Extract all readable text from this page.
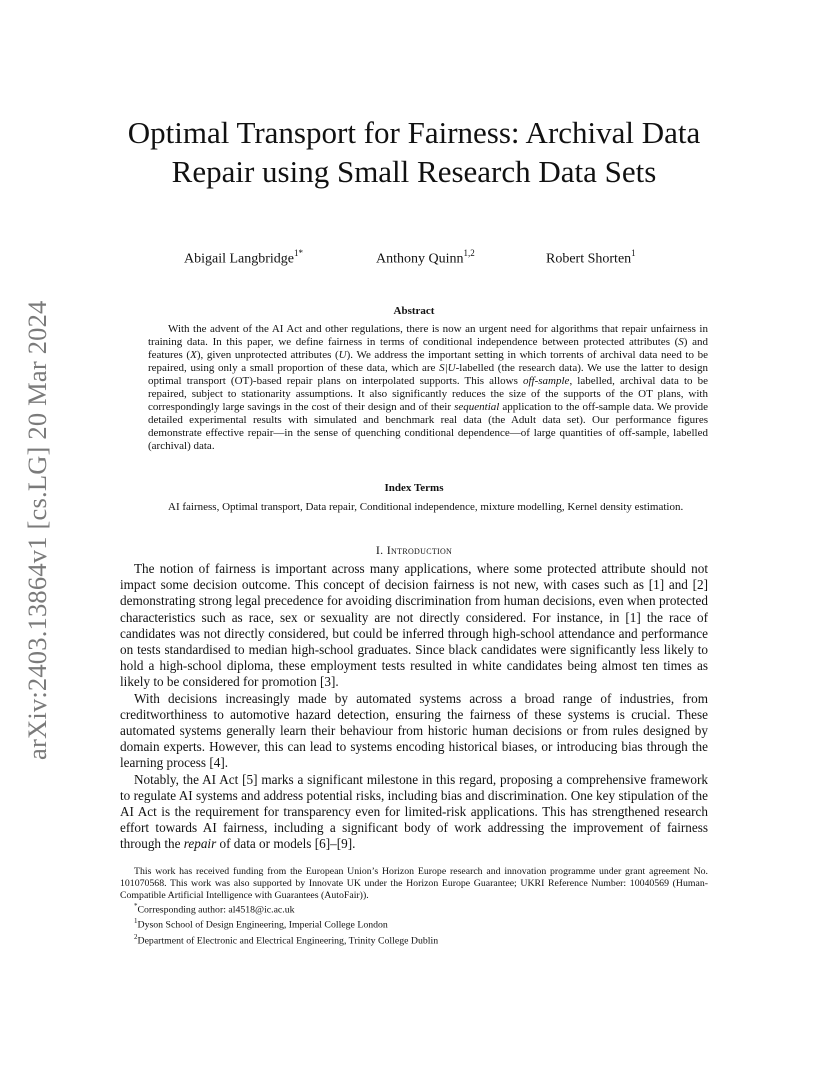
arXiv:2403.13864v1 [cs.LG] 20 Mar 2024
Optimal Transport for Fairness: Archival Data Repair using Small Research Data Sets
Abigail Langbridge$^{1*}$	Anthony Quinn$^{1,2}$	Robert Shorten$^1$
Abstract

With the advent of the AI Act and other regulations, there is now an urgent need for algorithms that repair unfairness in training data. In this paper, we define fairness in terms of conditional independence between protected attributes (S) and features (X), given unprotected attributes (U). We address the important setting in which torrents of archival data need to be repaired, using only a small proportion of these data, which are S|U-labelled (the research data). We use the latter to design optimal transport (OT)-based repair plans on interpolated supports. This allows off-sample, labelled, archival data to be repaired, subject to stationarity assumptions. It also significantly reduces the size of the supports of the OT plans, with correspondingly large savings in the cost of their design and of their sequential application to the off-sample data. We provide detailed experimental results with simulated and benchmark real data (the Adult data set). Our performance figures demonstrate effective repair—in the sense of quenching conditional dependence—of large quantities of off-sample, labelled (archival) data.

Index Terms

AI fairness, Optimal transport, Data repair, Conditional independence, mixture modelling, Kernel density estimation.

I. Introduction

The notion of fairness is important across many applications, where some protected attribute should not impact some decision outcome. This concept of decision fairness is not new, with cases such as [1] and [2] demonstrating strong legal precedence for avoiding discrimination from human decisions, even when protected characteristics such as race, sex or sexuality are not directly considered. For instance, in [1] the race of candidates was not directly considered, but could be inferred through high-school attendance and performance on tests standardised to median high-school graduates. Since black candidates were significantly less likely to hold a high-school diploma, these employment tests resulted in white candidates being almost ten times as likely to be considered for promotion [3].

With decisions increasingly made by automated systems across a broad range of industries, from creditworthiness to automotive hazard detection, ensuring the fairness of these systems is crucial. These automated systems generally learn their behaviour from historic human decisions or from rules designed by domain experts. However, this can lead to systems encoding historical biases, or introducing bias through the learning process [4].

Notably, the AI Act [5] marks a significant milestone in this regard, proposing a comprehensive framework to regulate AI systems and address potential risks, including bias and discrimination. One key stipulation of the AI Act is the requirement for transparency even for limited-risk applications. This has strengthened research effort towards AI fairness, including a significant body of work addressing the improvement of fairness through the repair of data or models [6]–[9].

This work has received funding from the European Union’s Horizon Europe research and innovation programme under grant agreement No. 101070568. This work was also supported by Innovate UK under the Horizon Europe Guarantee; UKRI Reference Number: 10040569 (Human-Compatible Artificial Intelligence with Guarantees (AutoFair)).

*Corresponding author: al4518@ic.ac.uk

$^1$Dyson School of Design Engineering, Imperial College London

$^2$Department of Electronic and Electrical Engineering, Trinity College Dublin
